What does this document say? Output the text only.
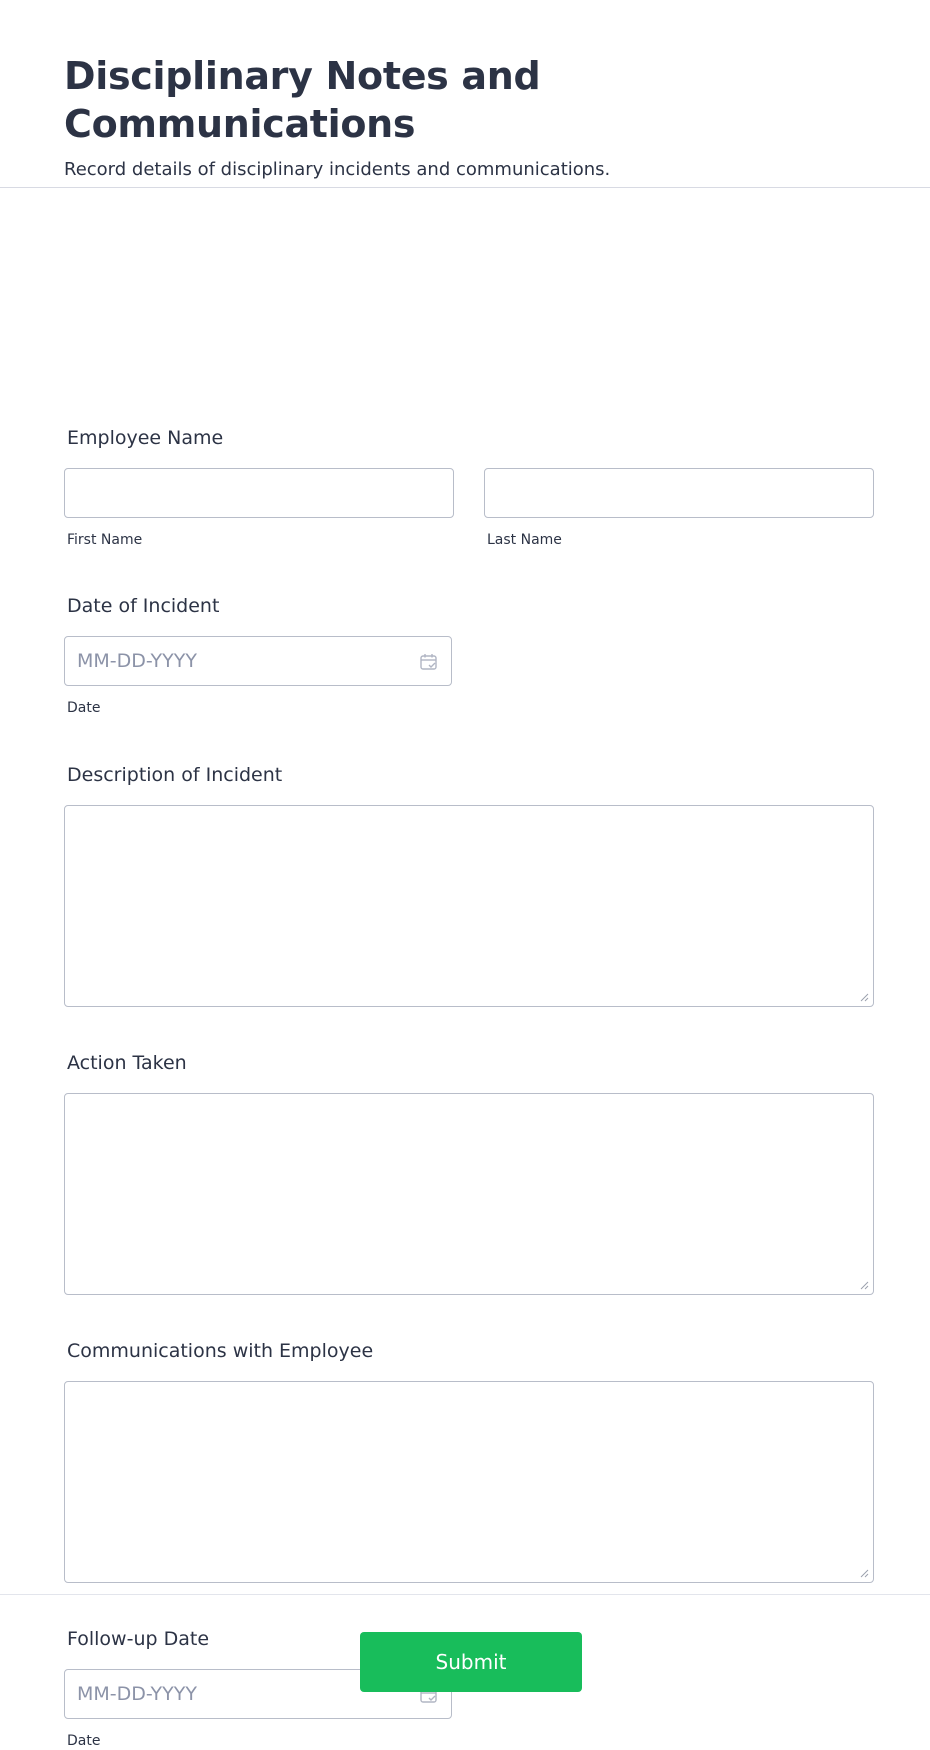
Disciplinary Notes and Communications

Record details of disciplinary incidents and communications.

Employee Name
First Name	Last Name
Date of Incident
MM-DD-YYYY
Date
Description of Incident
Action Taken
Communications with Employee
Follow-up Date
MM-DD-YYYY
Date
Submit
